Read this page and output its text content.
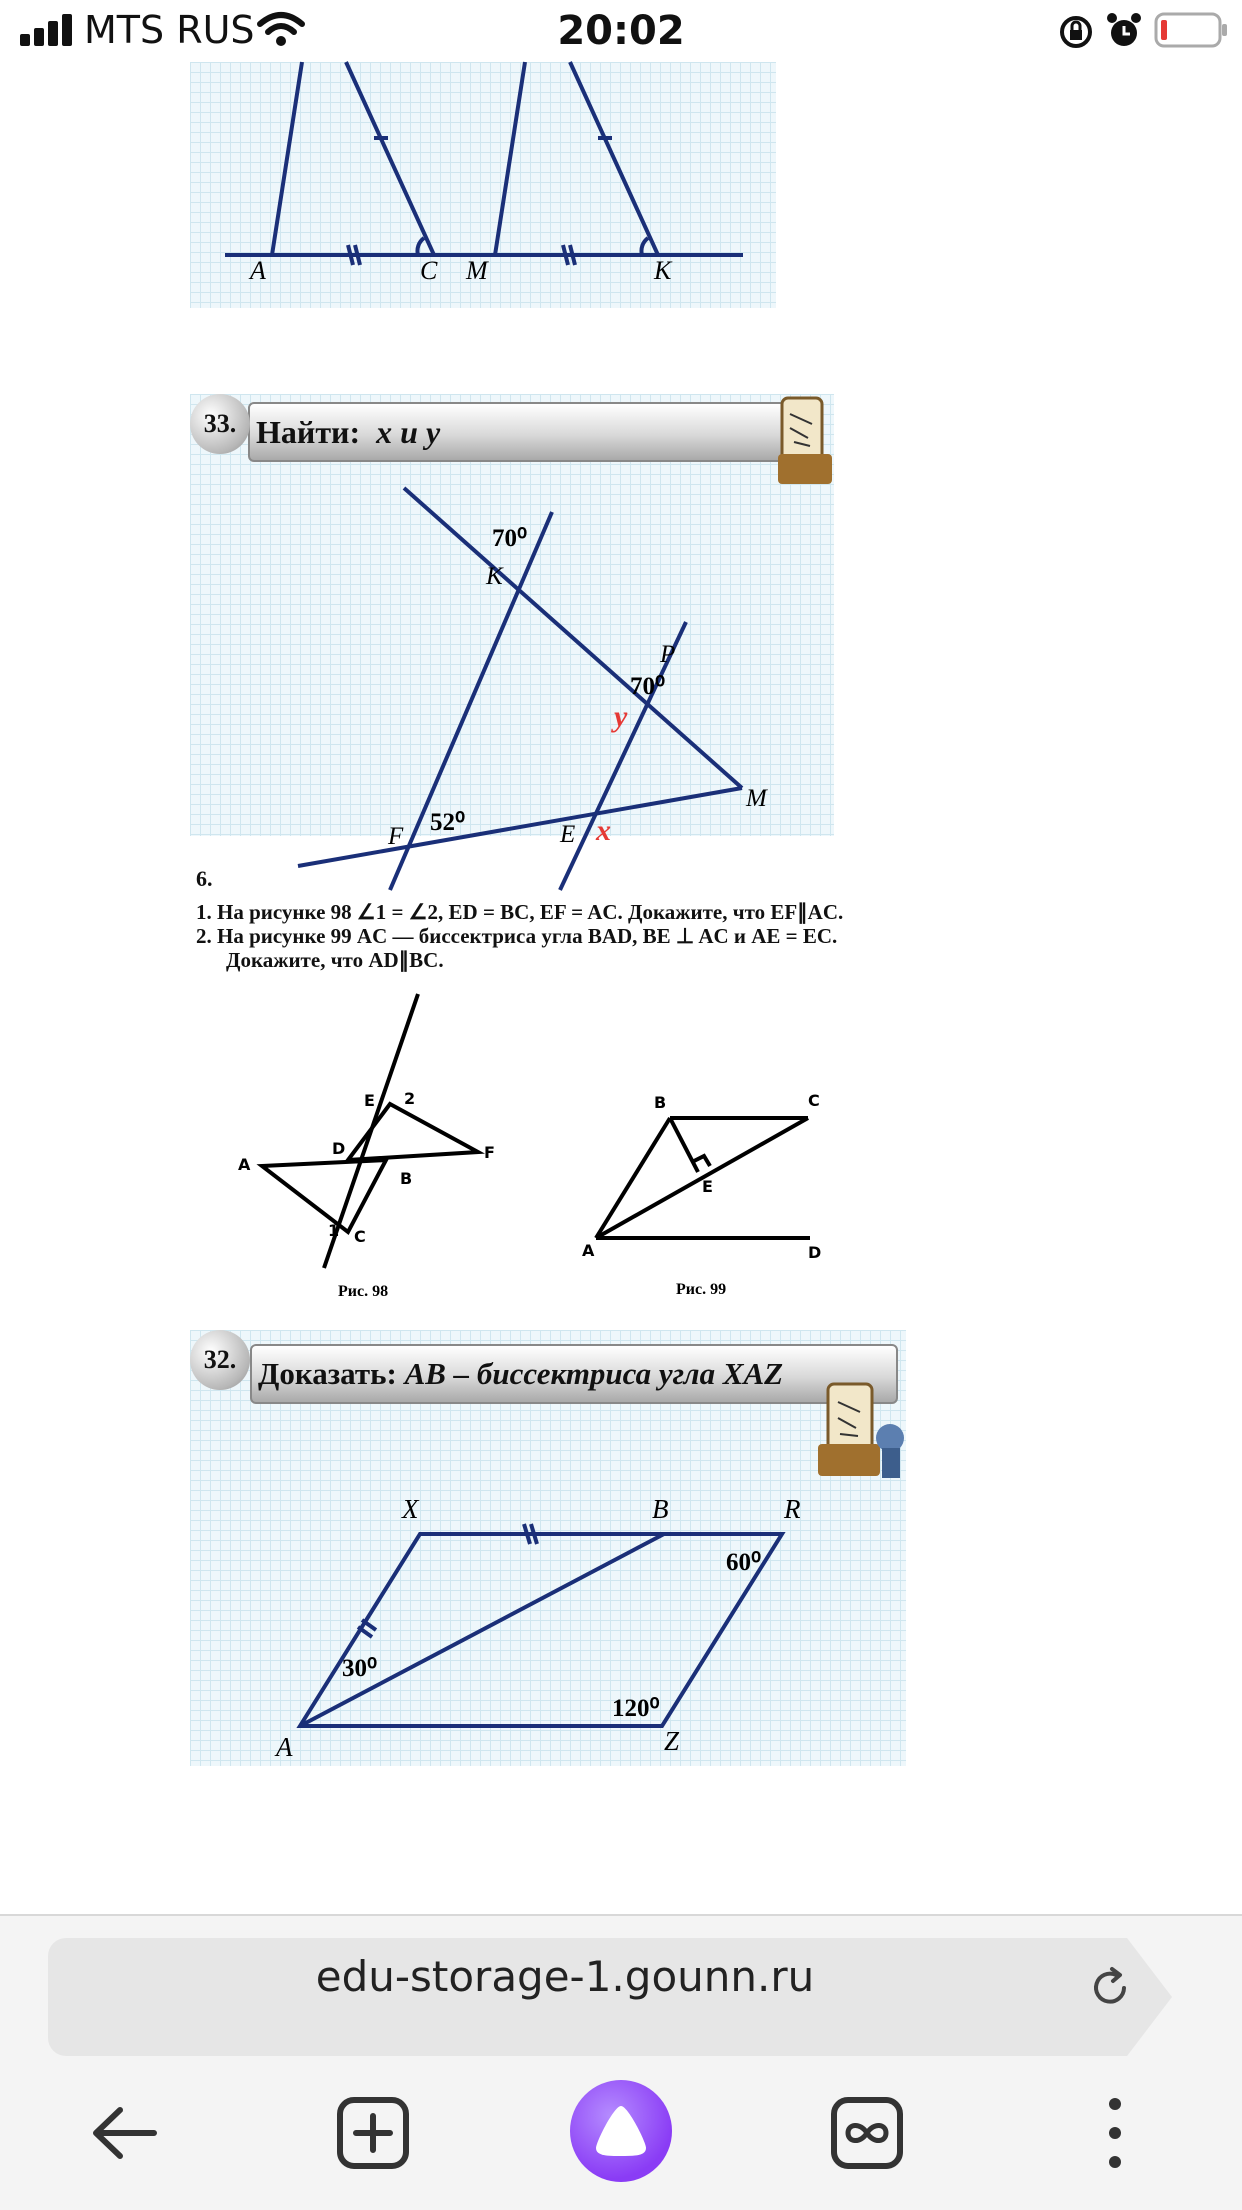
MTS RUS	20:02
A	C M	K
70⁰
K
P
70⁰
y
M
F
52⁰	E x
33. Найти: x и y
6.

1. На рисунке 98 ∠1 = ∠2, ED = BC, EF = AC. Докажите, что EF∥AC.

2. На рисунке 99 AC — биссектриса угла BAD, BE ⊥ AC и AE = EC.

Докажите, что AD∥BC.

E 2
D	F
A
B
1 C
Рис. 98
B	C
E
A	D
Рис. 99
X	B	R
60⁰
30⁰
120⁰
A	Z
32. Доказать: AB – биссектриса угла XAZ
edu-storage-1.gounn.ru
